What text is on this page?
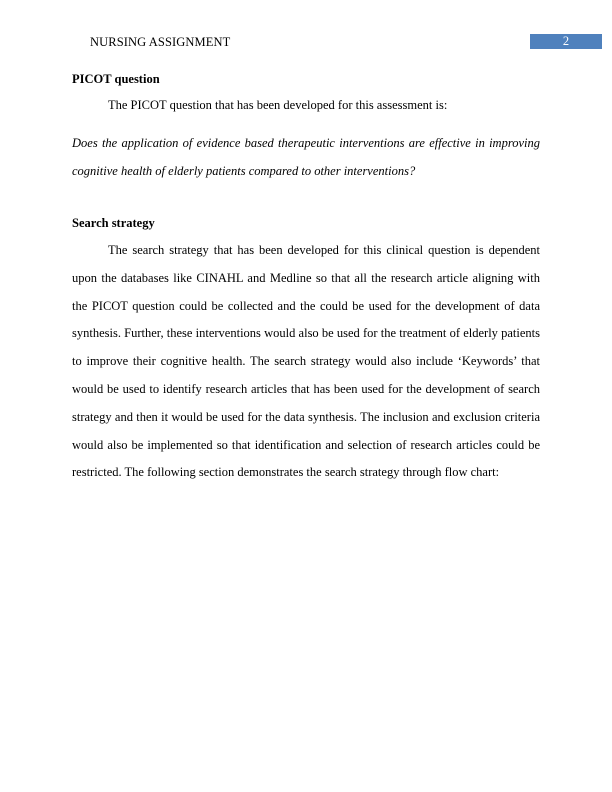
NURSING ASSIGNMENT	2
PICOT question

The PICOT question that has been developed for this assessment is:

Does the application of evidence based therapeutic interventions are effective in improving cognitive health of elderly patients compared to other interventions?

Search strategy

The search strategy that has been developed for this clinical question is dependent upon the databases like CINAHL and Medline so that all the research article aligning with the PICOT question could be collected and the could be used for the development of data synthesis. Further, these interventions would also be used for the treatment of elderly patients to improve their cognitive health. The search strategy would also include ‘Keywords’ that would be used to identify research articles that has been used for the development of search strategy and then it would be used for the data synthesis. The inclusion and exclusion criteria would also be implemented so that identification and selection of research articles could be restricted. The following section demonstrates the search strategy through flow chart:
